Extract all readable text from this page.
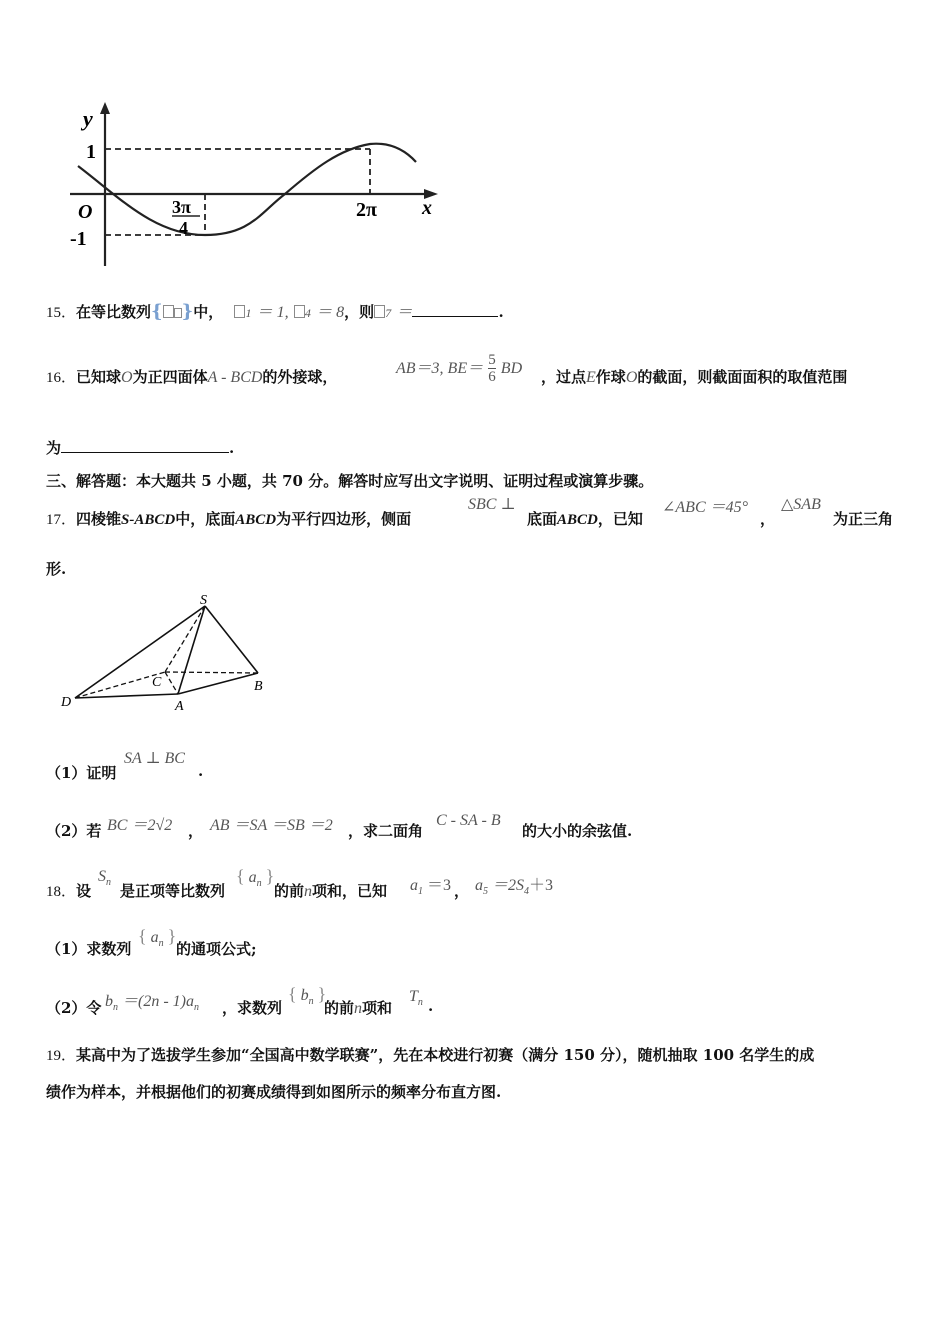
y
x
O
1
-1
3π
4
2π
15．在等比数列{ }中， 1 ＝ 1, 4 ＝ 8，则 7 ＝	.
16．已知球O为正四面体A - BCD的外接球，	AB＝3, $BE= \frac{5}{6}$ BD ，过点E作球O的截面，则截面面积的取值范围
为	.
三、解答题：本大题共 5 小题，共 70 分。解答时应写出文字说明、证明过程或演算步骤。
17．四棱锥S-ABCD中，底面ABCD为平行四边形，侧面
SBC ⊥
底面ABCD，已知
∠ABC ＝45°
，
△SAB
为正三角
形.
S
C	B
D	A
（1）证明
SA ⊥ BC
.
（2）若 BC ＝2√2 ， AB ＝SA ＝SB ＝2 ，求二面角
C - SA - B
的大小的余弦值.
18．设
$S_n$ 是正项等比数列
{ $a_n$ }
的前n项和，已知 $a_1 =3$ ， $a_5 =2S_4+3$
（1）求数列
{ $a_n$ }
的通项公式;
（2）令 $b_n =(2n - 1)a_n$ ，求数列
{ $b_n$ }
的前n项和
$T_n$ .
19．某高中为了选拔学生参加“全国高中数学联赛”，先在本校进行初赛（满分 150 分），随机抽取 100 名学生的成
绩作为样本，并根据他们的初赛成绩得到如图所示的频率分布直方图.
